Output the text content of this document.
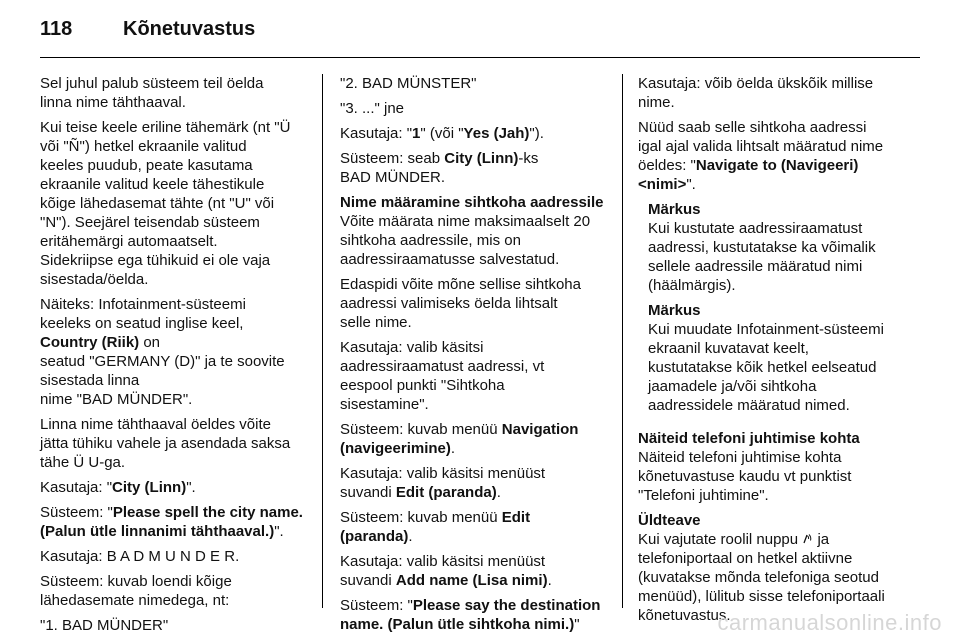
118	Kõnetuvastus

Sel juhul palub süsteem teil öelda
linna nime tähthaaval.

Kui teise keele eriline tähemärk (nt "Ü
või "Ñ") hetkel ekraanile valitud
keeles puudub, peate kasutama
ekraanile valitud keele tähestikule
kõige lähedasemat tähte (nt "U" või
"N"). Seejärel teisendab süsteem
eritähemärgi automaatselt.
Sidekriipse ega tühikuid ei ole vaja
sisestada/öelda.

Näiteks: Infotainment-süsteemi
keeleks on seatud inglise keel,
Country (Riik) on
seatud "GERMANY (D)" ja te soovite
sisestada linna
nime "BAD MÜNDER".

Linna nime tähthaaval öeldes võite
jätta tühiku vahele ja asendada saksa
tähe Ü U-ga.

Kasutaja: "City (Linn)".

Süsteem: "Please spell the city name.
(Palun ütle linnanimi tähthaaval.)".

Kasutaja: B A D M U N D E R.

Süsteem: kuvab loendi kõige
lähedasemate nimedega, nt:

"1. BAD MÜNDER"

"2. BAD MÜNSTER"

"3. ..." jne

Kasutaja: "1" (või "Yes (Jah)").

Süsteem: seab City (Linn)-ks
BAD MÜNDER.

Nime määramine sihtkoha aadressile

Võite määrata nime maksimaalselt 20
sihtkoha aadressile, mis on
aadressiraamatusse salvestatud.

Edaspidi võite mõne sellise sihtkoha
aadressi valimiseks öelda lihtsalt
selle nime.

Kasutaja: valib käsitsi
aadressiraamatust aadressi, vt
eespool punkti "Sihtkoha
sisestamine".

Süsteem: kuvab menüü Navigation
(navigeerimine).

Kasutaja: valib käsitsi menüüst
suvandi Edit (paranda).

Süsteem: kuvab menüü Edit
(paranda).

Kasutaja: valib käsitsi menüüst
suvandi Add name (Lisa nimi).

Süsteem: "Please say the destination
name. (Palun ütle sihtkoha nimi.)"

Kasutaja: võib öelda ükskõik millise
nime.

Nüüd saab selle sihtkoha aadressi
igal ajal valida lihtsalt määratud nime
öeldes: "Navigate to (Navigeeri)
<nimi>".

Märkus

Kui kustutate aadressiraamatust
aadressi, kustutatakse ka võimalik
sellele aadressile määratud nimi
(häälmärgis).

Märkus

Kui muudate Infotainment-süsteemi
ekraanil kuvatavat keelt,
kustutatakse kõik hetkel eelseatud
jaamadele ja/või sihtkoha
aadressidele määratud nimed.

Näiteid telefoni juhtimise kohta

Näiteid telefoni juhtimise kohta
kõnetuvastuse kaudu vt punktist
"Telefoni juhtimine".

Üldteave

Kui vajutate roolil nuppu  ja
telefoniportaal on hetkel aktiivne
(kuvatakse mõnda telefoniga seotud
menüüd), lülitub sisse telefoniportaali
kõnetuvastus.

carmanualsonline.info
